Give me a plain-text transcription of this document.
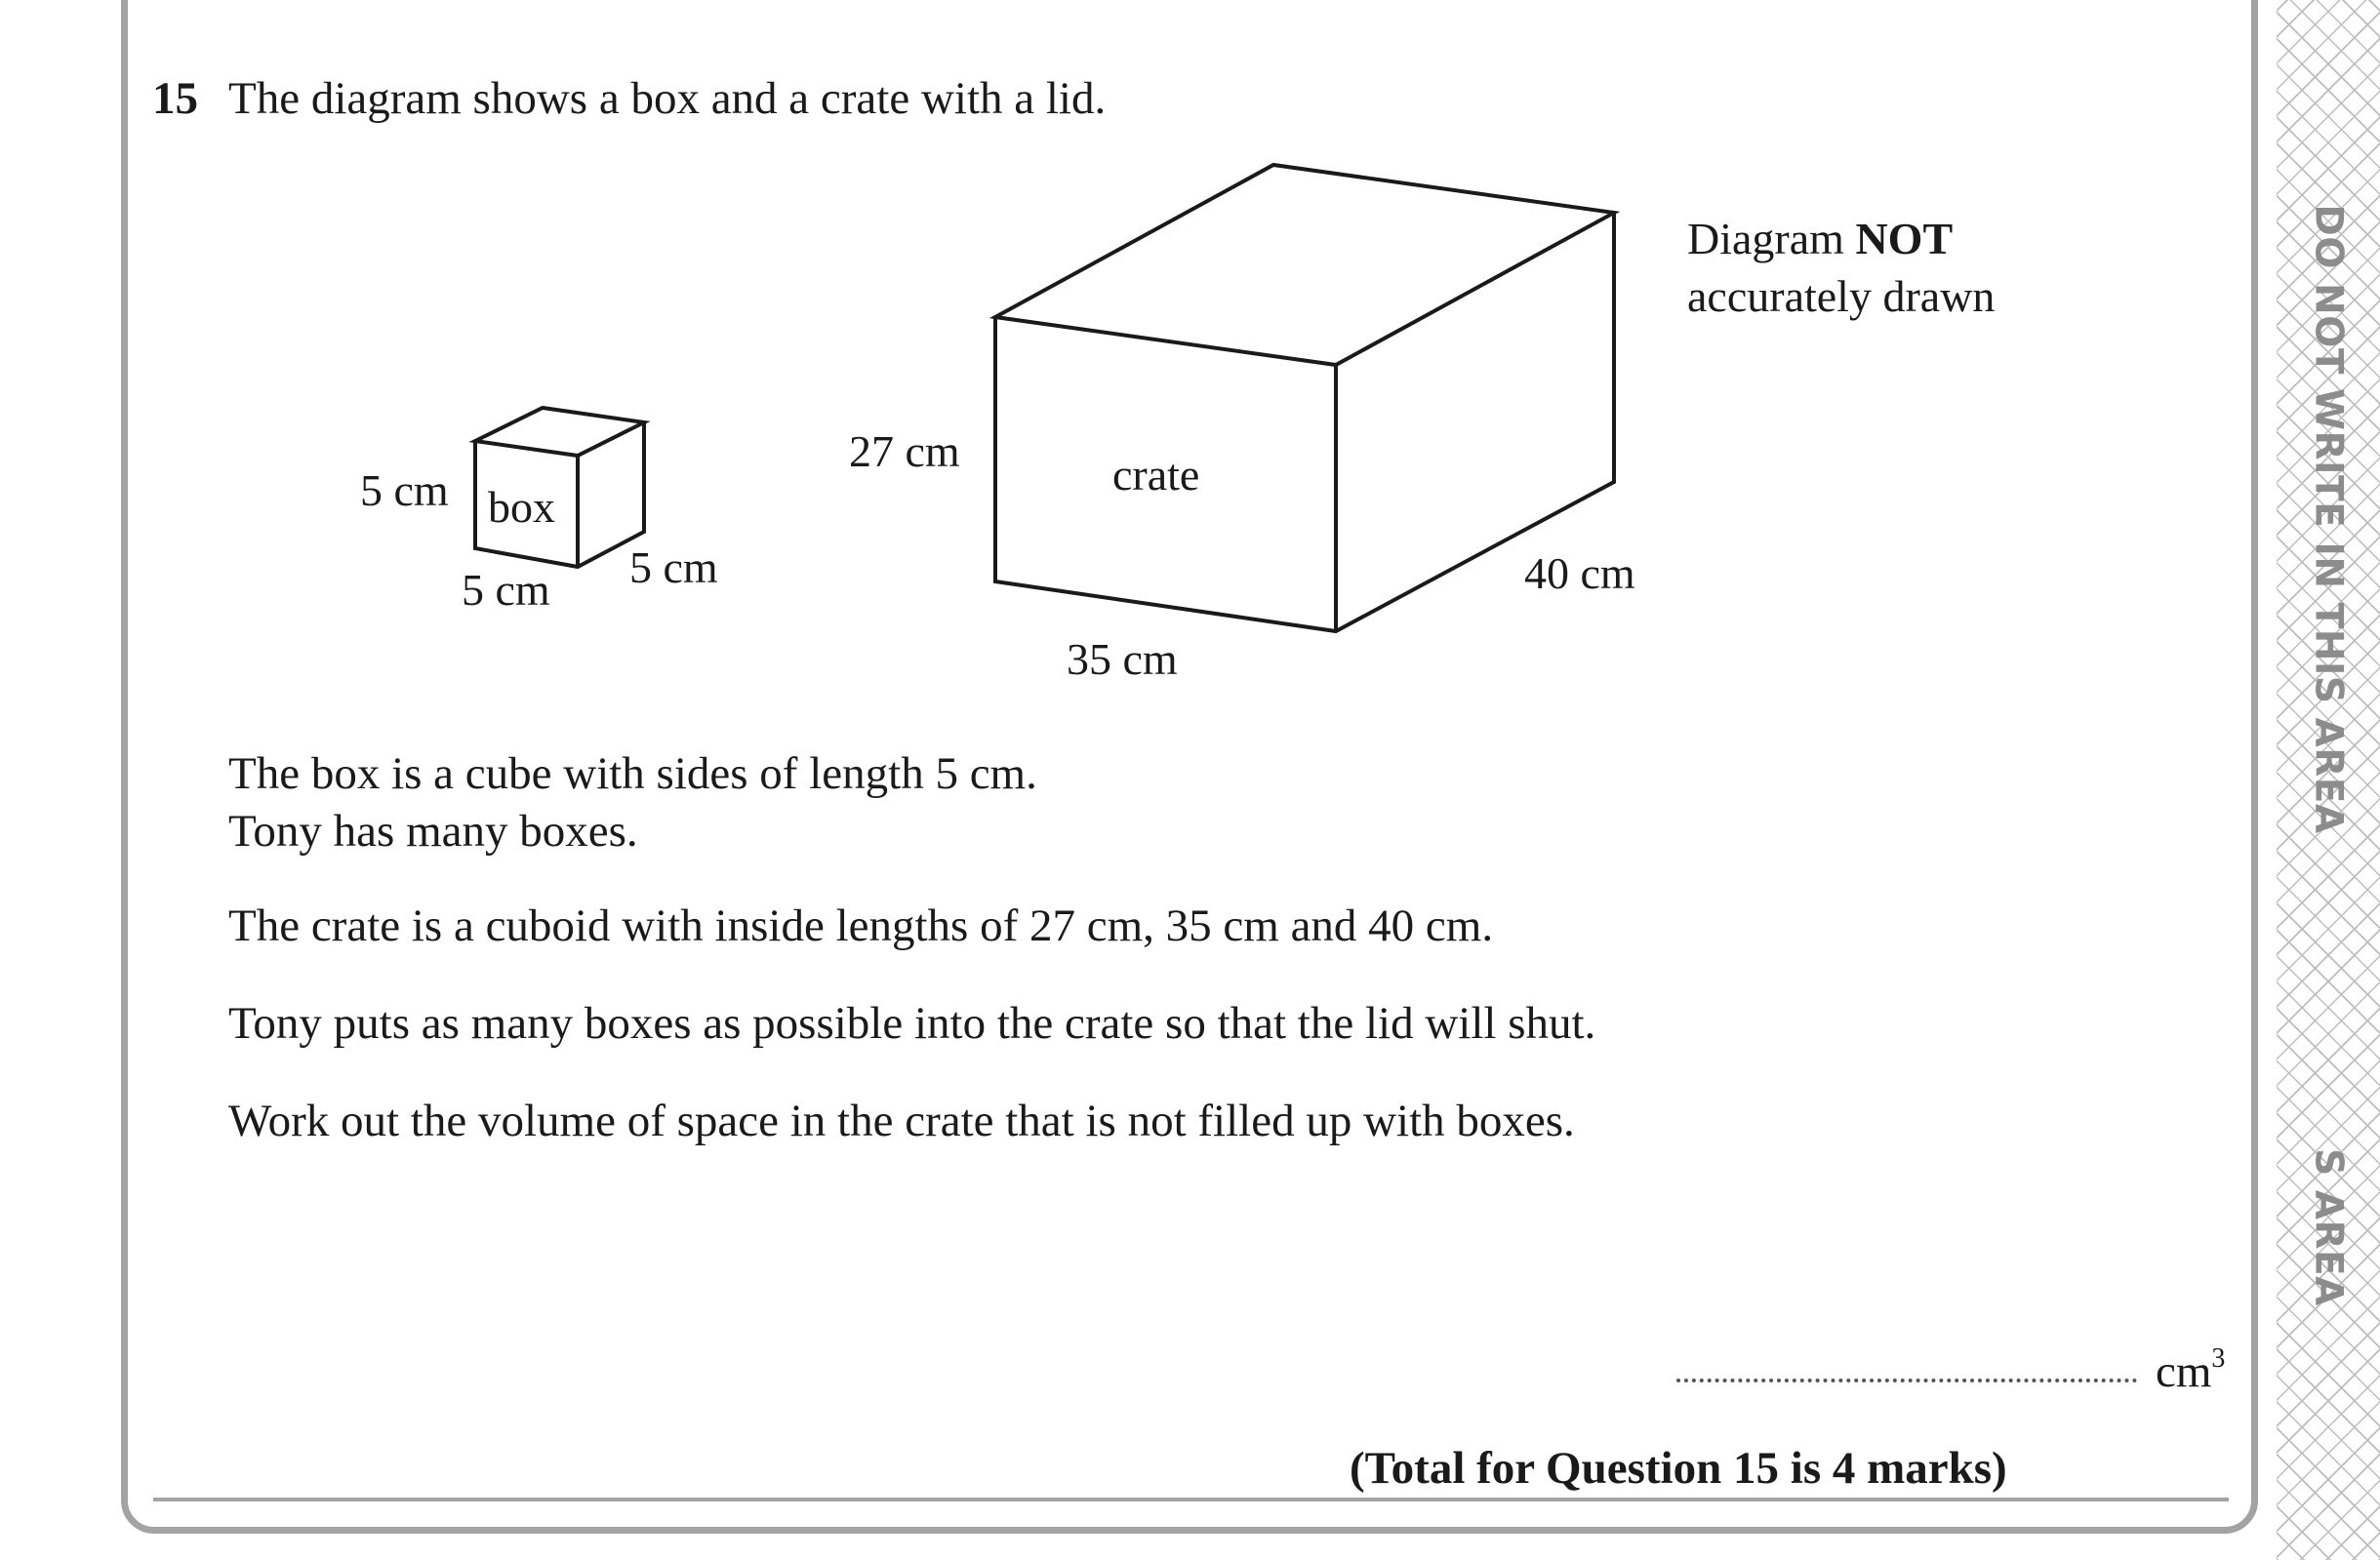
DO NOT WRITE IN THIS AREA
S AREA
15 The diagram shows a box and a crate with a lid.
5 cm box
5 cm
5 cm
27 cm	crate
40 cm
35 cm
Diagram NOT
accurately drawn
The box is a cube with sides of length 5 cm.
Tony has many boxes.
The crate is a cuboid with inside lengths of 27 cm, 35 cm and 40 cm.
Tony puts as many boxes as possible into the crate so that the lid will shut.
Work out the volume of space in the crate that is not filled up with boxes.
$cm^3$
(Total for Question 15 is 4 marks)
